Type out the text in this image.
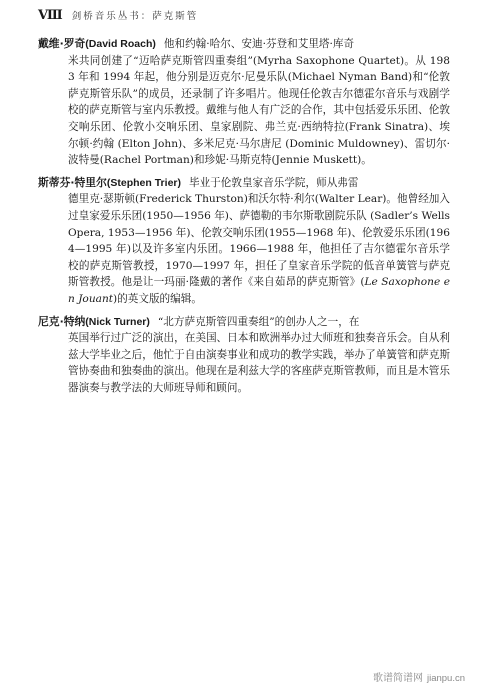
Ⅷ 剑桥音乐丛书：萨克斯管
戴维·罗奇(David Roach) 他和约翰·哈尔、安迪·芬登和艾里塔·库奇
米共同创建了“迈哈萨克斯管四重奏组”(Myrha Saxophone Quartet)。从 1983 年和 1994 年起，他分别是迈克尔·尼曼乐队(Michael Nyman Band)和“伦敦萨克斯管乐队”的成员，还录制了许多唱片。他现任伦敦吉尔德霍尔音乐与戏剧学校的萨克斯管与室内乐教授。戴维与他人有广泛的合作，其中包括爱乐乐团、伦敦交响乐团、伦敦小交响乐团、皇家剧院、弗兰克·西纳特拉(Frank Sinatra)、埃尔顿·约翰 (Elton John)、多米尼克·马尔唐尼 (Dominic Muldowney)、雷切尔·波特曼(Rachel Portman)和珍妮·马斯克特(Jennie Muskett)。
斯蒂芬·特里尔(Stephen Trier) 毕业于伦敦皇家音乐学院，师从弗雷
德里克·瑟斯顿(Frederick Thurston)和沃尔特·利尔(Walter Lear)。他曾经加入过皇家爱乐乐团(1950—1956 年)、萨德勒的韦尔斯歌剧院乐队 (Sadler’s Wells Opera, 1953—1956 年)、伦敦交响乐团(1955—1968 年)、伦敦爱乐乐团(1964—1995 年)以及许多室内乐团。1966—1988 年，他担任了吉尔德霍尔音乐学校的萨克斯管教授，1970—1997 年，担任了皇家音乐学院的低音单簧管与萨克斯管教授。他是让一玛丽·隆戴的著作《来自茹昂的萨克斯管》(Le Saxophone en Jouant)的英文版的编辑。
尼克·特纳(Nick Turner) “北方萨克斯管四重奏组”的创办人之一，在
英国举行过广泛的演出，在美国、日本和欧洲举办过大师班和独奏音乐会。自从利兹大学毕业之后，他忙于自由演奏事业和成功的教学实践，举办了单簧管和萨克斯管协奏曲和独奏曲的演出。他现在是利兹大学的客座萨克斯管教师，而且是木管乐器演奏与教学法的大师班导师和顾问。
歌谱简谱网 jianpu.cn
